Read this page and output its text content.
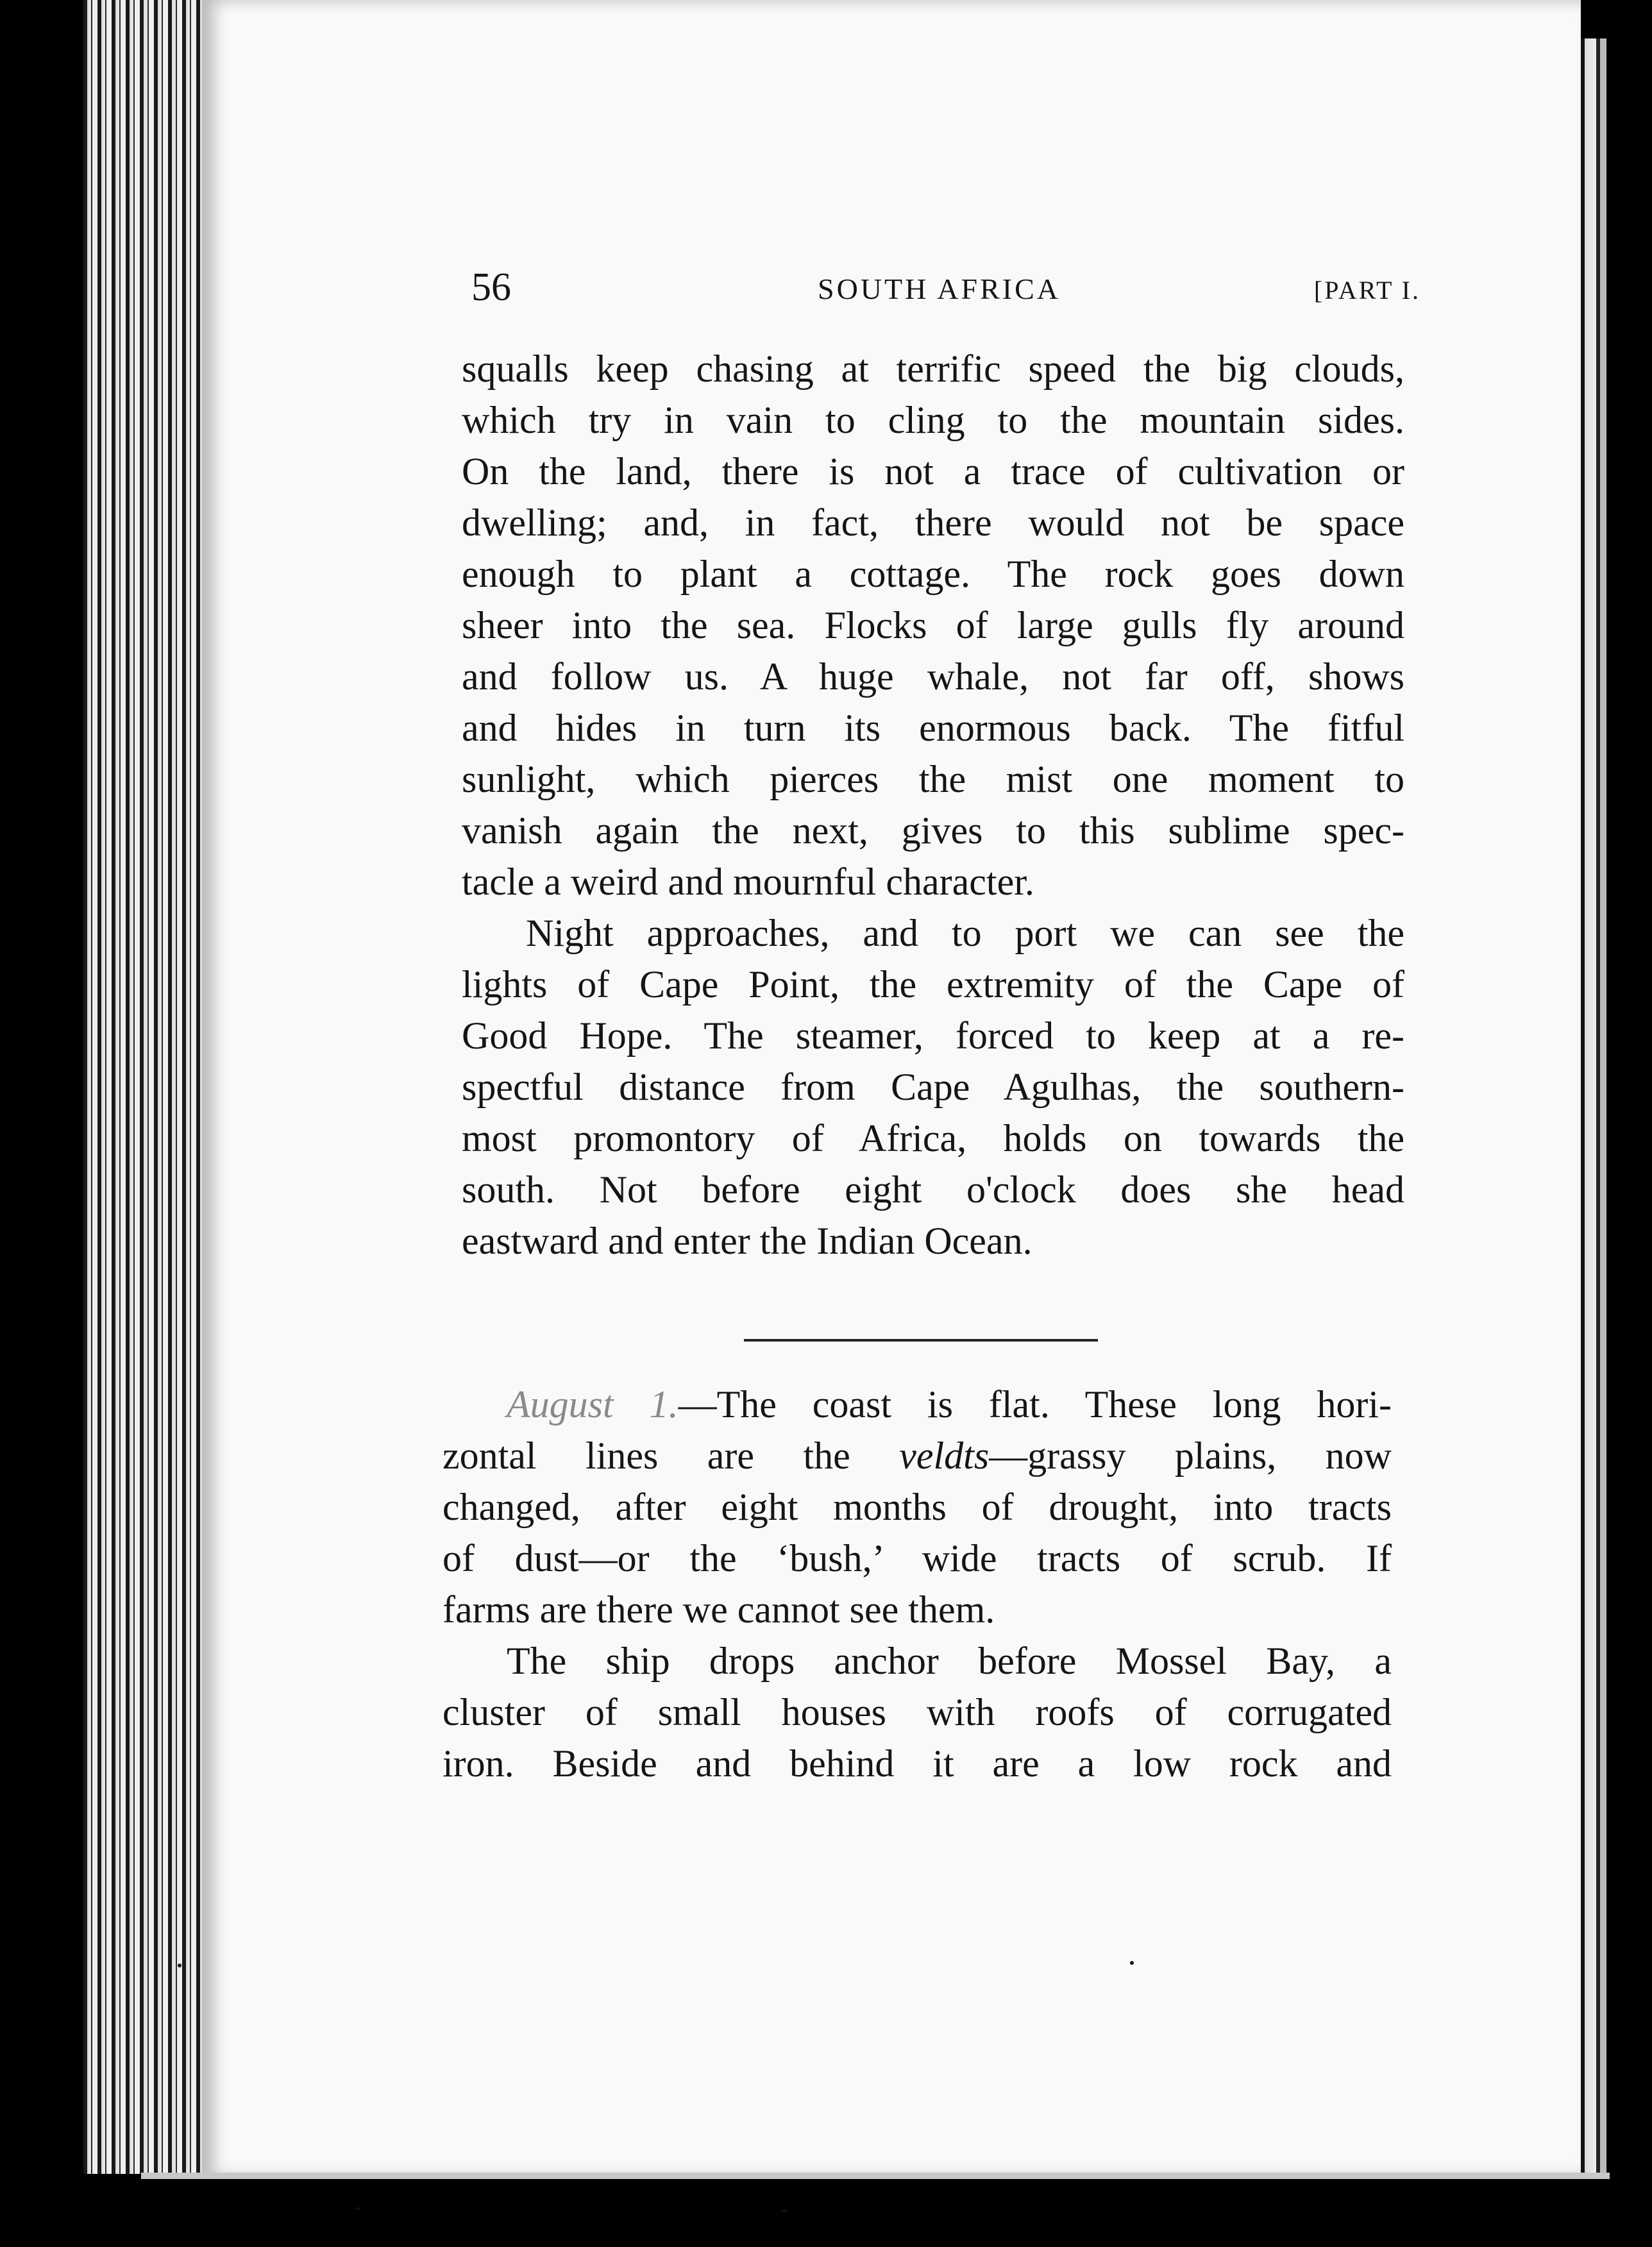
56	SOUTH AFRICA	[PART I.
squalls keep chasing at terrific speed the big clouds,
which try in vain to cling to the mountain sides.
On the land, there is not a trace of cultivation or
dwelling; and, in fact, there would not be space
enough to plant a cottage. The rock goes down
sheer into the sea. Flocks of large gulls fly around
and follow us. A huge whale, not far off, shows
and hides in turn its enormous back. The fitful
sunlight, which pierces the mist one moment to
vanish again the next, gives to this sublime spec-
tacle a weird and mournful character.
Night approaches, and to port we can see the
lights of Cape Point, the extremity of the Cape of
Good Hope. The steamer, forced to keep at a re-
spectful distance from Cape Agulhas, the southern-
most promontory of Africa, holds on towards the
south. Not before eight o'clock does she head
eastward and enter the Indian Ocean.
August 1.—The coast is flat. These long hori-
zontal lines are the veldts—grassy plains, now
changed, after eight months of drought, into tracts
of dust—or the ‘bush,’ wide tracts of scrub. If
farms are there we cannot see them.
The ship drops anchor before Mossel Bay, a
cluster of small houses with roofs of corrugated
iron. Beside and behind it are a low rock and
